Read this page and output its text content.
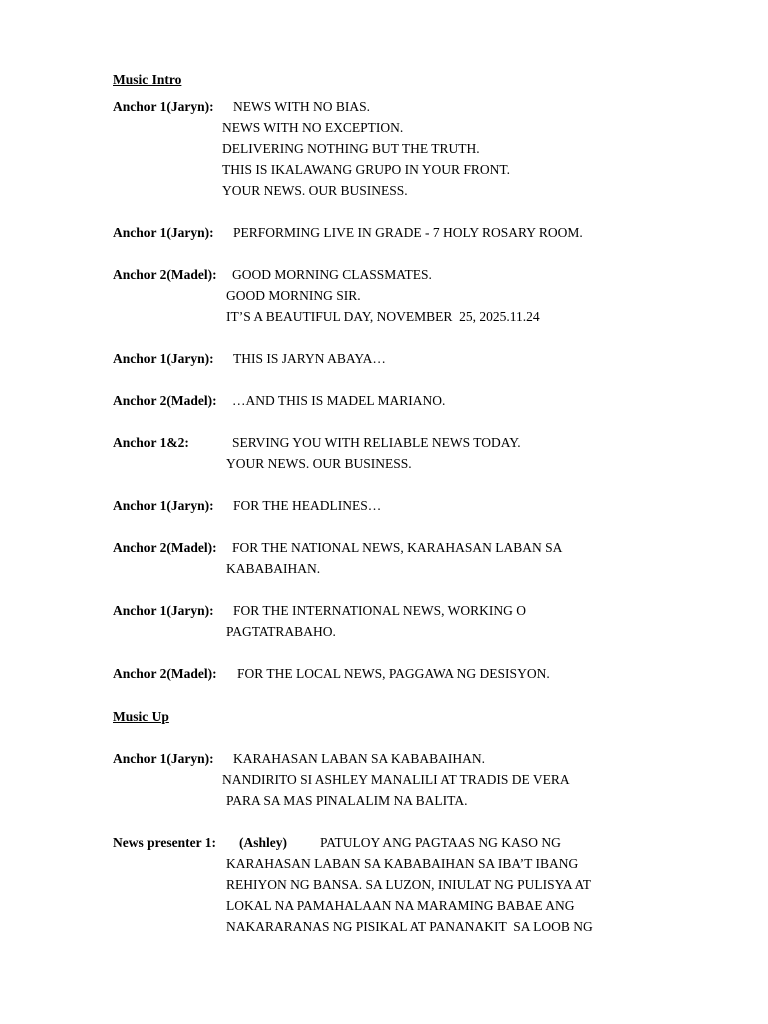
Music Intro
Anchor 1(Jaryn): NEWS WITH NO BIAS.
NEWS WITH NO EXCEPTION.
DELIVERING NOTHING BUT THE TRUTH.
THIS IS IKALAWANG GRUPO IN YOUR FRONT.
YOUR NEWS. OUR BUSINESS.
Anchor 1(Jaryn): PERFORMING LIVE IN GRADE - 7 HOLY ROSARY ROOM.
Anchor 2(Madel): GOOD MORNING CLASSMATES.
GOOD MORNING SIR.
IT’S A BEAUTIFUL DAY, NOVEMBER  25, 2025.11.24
Anchor 1(Jaryn): THIS IS JARYN ABAYA…
Anchor 2(Madel): …AND THIS IS MADEL MARIANO.
Anchor 1&2:	SERVING YOU WITH RELIABLE NEWS TODAY.
YOUR NEWS. OUR BUSINESS.
Anchor 1(Jaryn): FOR THE HEADLINES…
Anchor 2(Madel): FOR THE NATIONAL NEWS, KARAHASAN LABAN SA
KABABAIHAN.
Anchor 1(Jaryn): FOR THE INTERNATIONAL NEWS, WORKING O
PAGTATRABAHO.
Anchor 2(Madel): FOR THE LOCAL NEWS, PAGGAWA NG DESISYON.
Music Up
Anchor 1(Jaryn): KARAHASAN LABAN SA KABABAIHAN.
NANDIRITO SI ASHLEY MANALILI AT TRADIS DE VERA
PARA SA MAS PINALALIM NA BALITA.
News presenter 1: (Ashley) PATULOY ANG PAGTAAS NG KASO NG
KARAHASAN LABAN SA KABABAIHAN SA IBA’T IBANG
REHIYON NG BANSA. SA LUZON, INIULAT NG PULISYA AT
LOKAL NA PAMAHALAAN NA MARAMING BABAE ANG
NAKARARANAS NG PISIKAL AT PANANAKIT  SA LOOB NG
